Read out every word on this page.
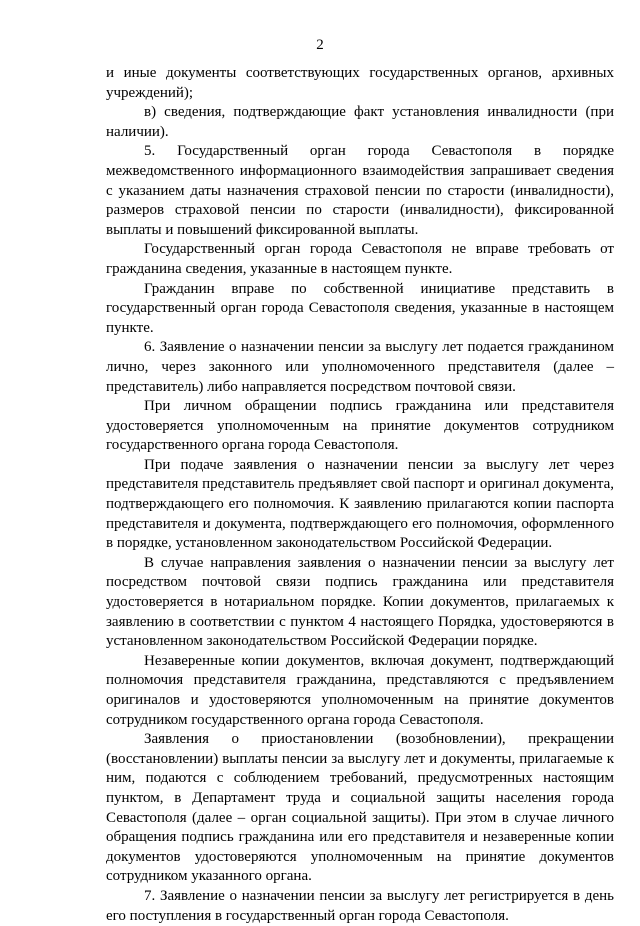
2

и иные документы соответствующих государственных органов, архивных учреждений);

в) сведения, подтверждающие факт установления инвалидности (при наличии).

5. Государственный орган города Севастополя в порядке межведомственного информационного взаимодействия запрашивает сведения с указанием даты назначения страховой пенсии по старости (инвалидности), размеров страховой пенсии по старости (инвалидности), фиксированной выплаты и повышений фиксированной выплаты.

Государственный орган города Севастополя не вправе требовать от гражданина сведения, указанные в настоящем пункте.

Гражданин вправе по собственной инициативе представить в государственный орган города Севастополя сведения, указанные в настоящем пункте.

6. Заявление о назначении пенсии за выслугу лет подается гражданином лично, через законного или уполномоченного представителя (далее – представитель) либо направляется посредством почтовой связи.

При личном обращении подпись гражданина или представителя удостоверяется уполномоченным на принятие документов сотрудником государственного органа города Севастополя.

При подаче заявления о назначении пенсии за выслугу лет через представителя представитель предъявляет свой паспорт и оригинал документа, подтверждающего его полномочия. К заявлению прилагаются копии паспорта представителя и документа, подтверждающего его полномочия, оформленного в порядке, установленном законодательством Российской Федерации.

В случае направления заявления о назначении пенсии за выслугу лет посредством почтовой связи подпись гражданина или представителя удостоверяется в нотариальном порядке. Копии документов, прилагаемых к заявлению в соответствии с пунктом 4 настоящего Порядка, удостоверяются в установленном законодательством Российской Федерации порядке.

Незаверенные копии документов, включая документ, подтверждающий полномочия представителя гражданина, представляются с предъявлением оригиналов и удостоверяются уполномоченным на принятие документов сотрудником государственного органа города Севастополя.

Заявления о приостановлении (возобновлении), прекращении (восстановлении) выплаты пенсии за выслугу лет и документы, прилагаемые к ним, подаются с соблюдением требований, предусмотренных настоящим пунктом, в Департамент труда и социальной защиты населения города Севастополя (далее – орган социальной защиты). При этом в случае личного обращения подпись гражданина или его представителя и незаверенные копии документов удостоверяются уполномоченным на принятие документов сотрудником указанного органа.

7. Заявление о назначении пенсии за выслугу лет регистрируется в день его поступления в государственный орган города Севастополя.
